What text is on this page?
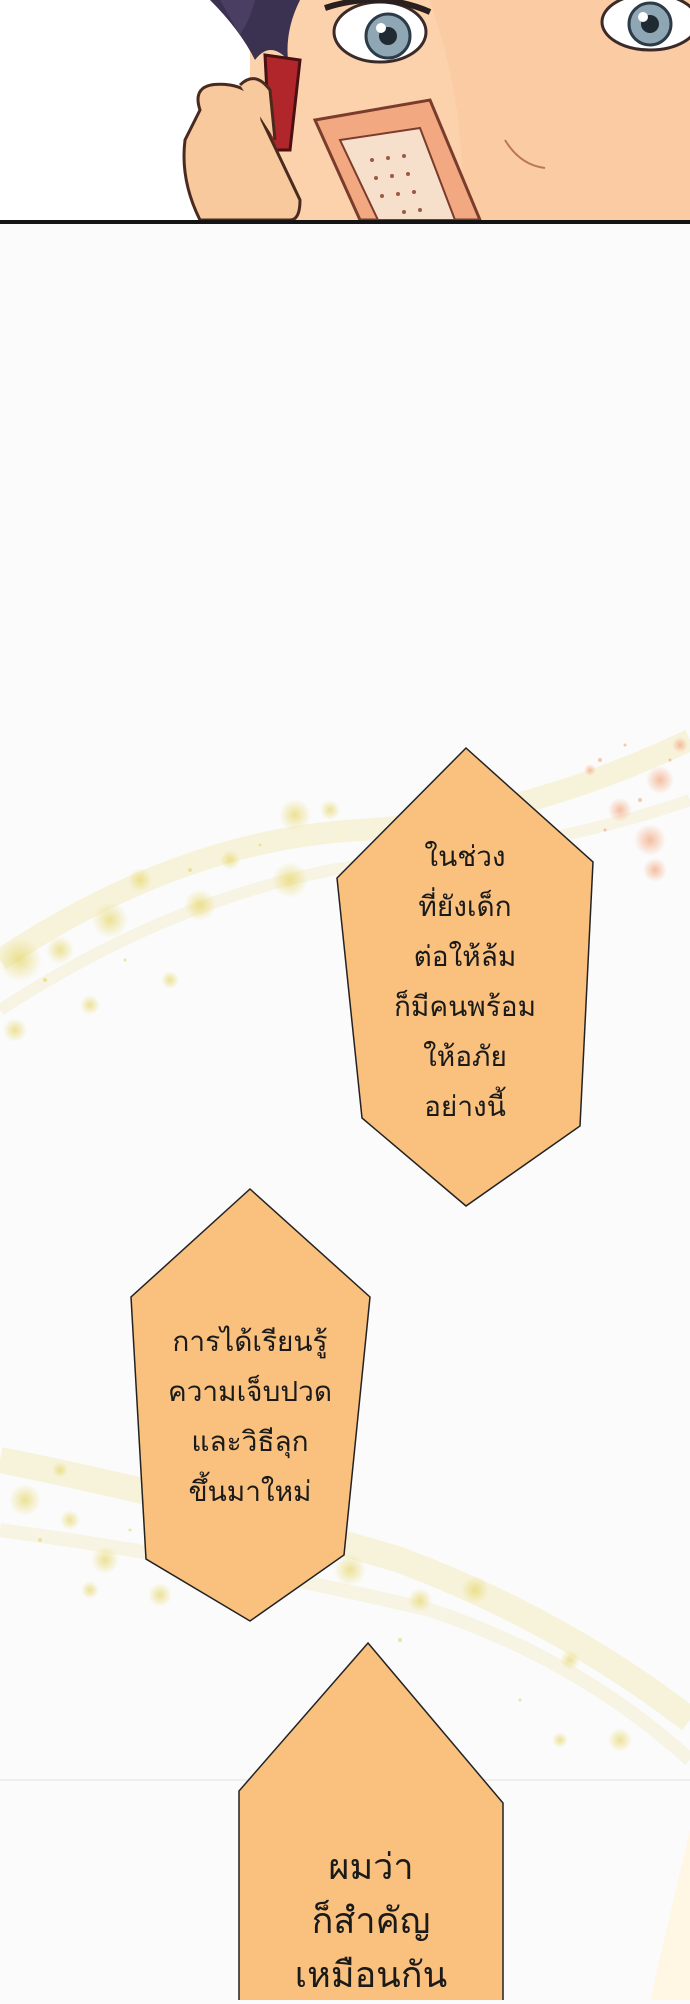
ในช่วง
ที่ยังเด็ก
ต่อให้ล้ม
ก็มีคนพร้อม
ให้อภัย
อย่างนี้
การได้เรียนรู้
ความเจ็บปวด
และวิธีลุก
ขึ้นมาใหม่
ผมว่า
ก็สำคัญ
เหมือนกัน
